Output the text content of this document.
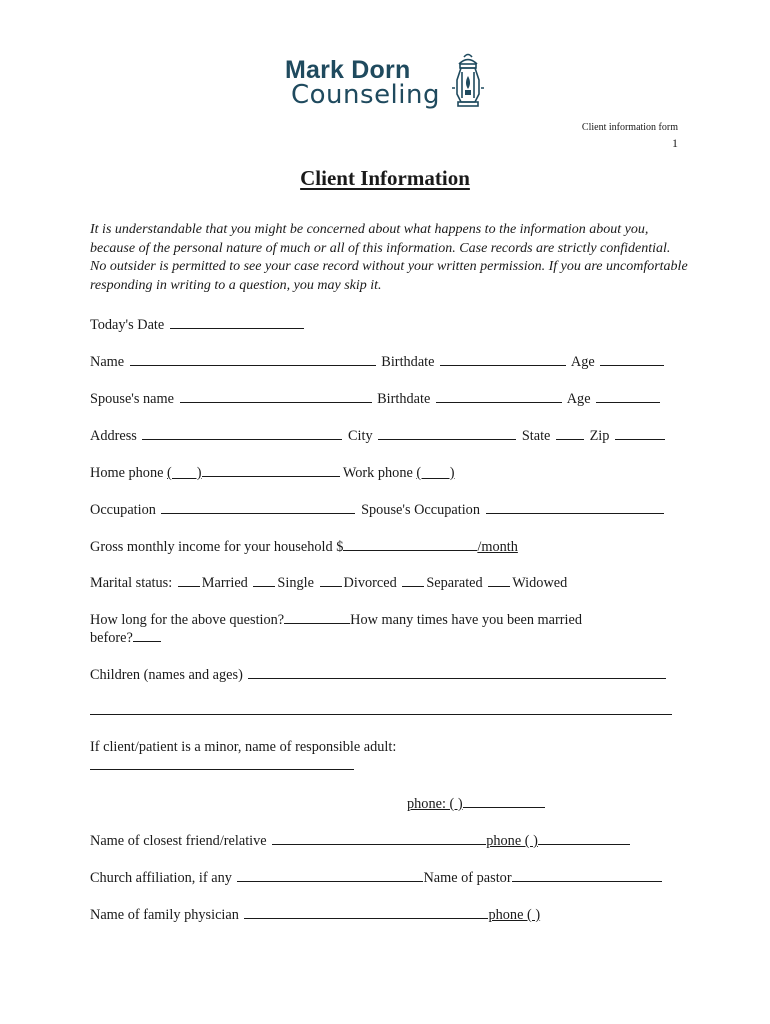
Mark Dorn
Counseling
Client information form
1
Client Information
It is understandable that you might be concerned about what happens to the information about you, because of the personal nature of much or all of this information. Case records are strictly confidential. No outsider is permitted to see your case record without your written permission. If you are uncomfortable responding in writing to a question, you may skip it.
Today's Date
Name	Birthdate	Age
Spouse's name	Birthdate	Age
Address	City	State	Zip
Home phone (       )	Work phone (        )
Occupation	Spouse's Occupation
Gross monthly income for your household $	/month
Marital status: Married Single Divorced Separated Widowed
How long for the above question?	How many times have you been married
before?
Children (names and ages)
If client/patient is a minor, name of responsible adult:
phone: ( )
Name of closest friend/relative	phone ( )
Church affiliation, if any	Name of pastor
Name of family physician	phone ( )
